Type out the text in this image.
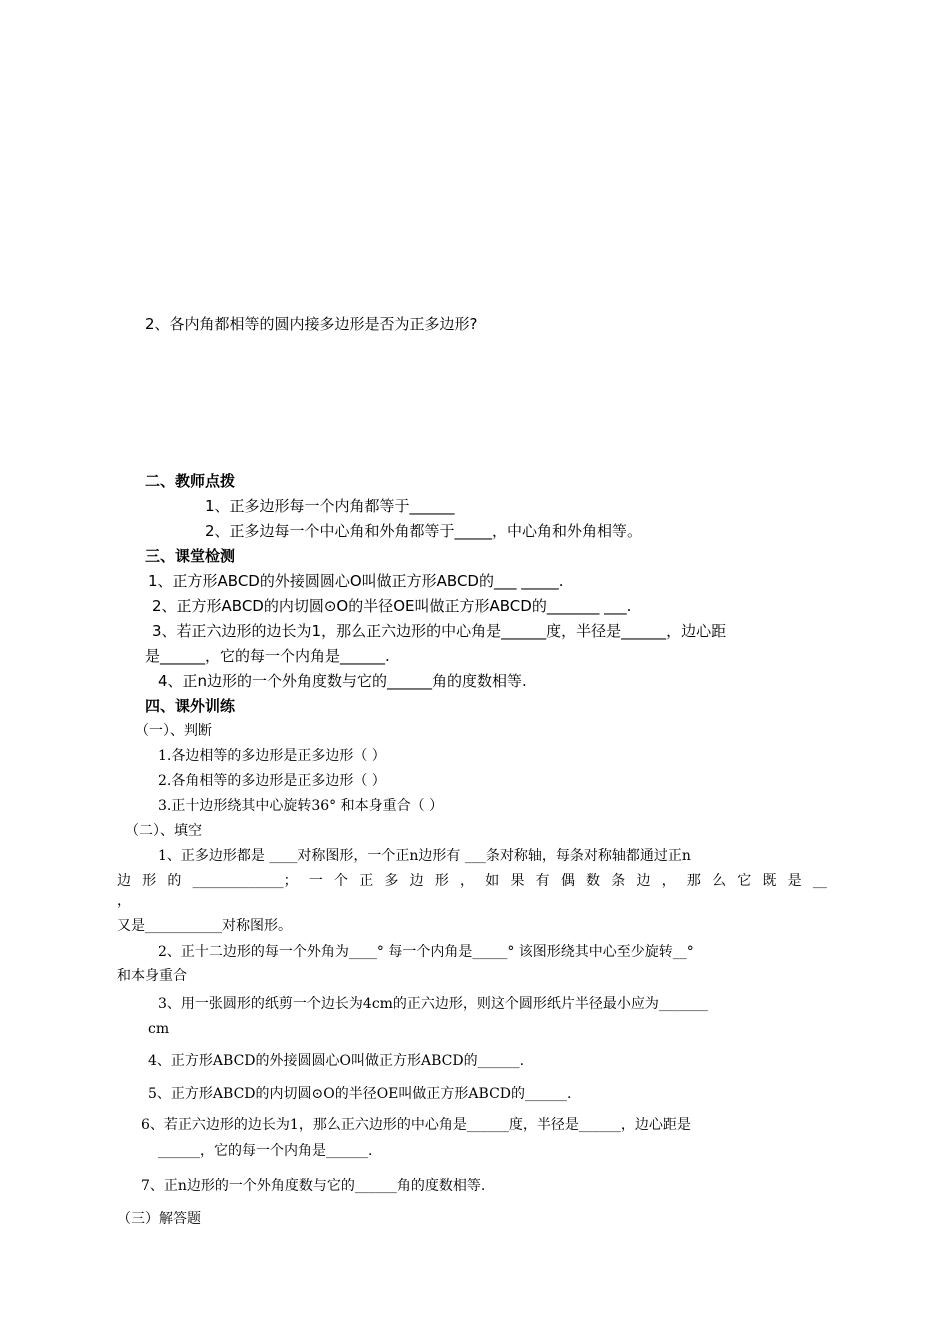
2、各内角都相等的圆内接多边形是否为正多边形?
二、教师点拨
1、正多边形每一个内角都等于______
2、正多边每一个中心角和外角都等于_____，中心角和外角相等。
三、课堂检测
1、正方形ABCD的外接圆圆心O叫做正方形ABCD的___ _____.
2、正方形ABCD的内切圆⊙O的半径OE叫做正方形ABCD的_______ ___.
3、若正六边形的边长为1，那么正六边形的中心角是______度，半径是______，边心距
是______，它的每一个内角是______.
4、正n边形的一个外角度数与它的______角的度数相等.
四、课外训练
（一）、判断
1.各边相等的多边形是正多边形（ ）
2.各角相等的多边形是正多边形（ ）
3.正十边形绕其中心旋转36° 和本身重合（ ）
（二）、填空
1、正多边形都是 ____对称图形，一个正n边形有 ___条对称轴，每条对称轴都通过正n
边 形 的 _____________； 一 个 正 多 边 形 ， 如 果 有 偶 数 条 边 ， 那 么 它 既 是 __
，
又是___________对称图形。
2、正十二边形的每一个外角为____° 每一个内角是_____° 该图形绕其中心至少旋转__°
和本身重合
3、用一张圆形的纸剪一个边长为4cm的正六边形，则这个圆形纸片半径最小应为_______
cm
4、正方形ABCD的外接圆圆心O叫做正方形ABCD的______.
5、正方形ABCD的内切圆⊙O的半径OE叫做正方形ABCD的______.
6、若正六边形的边长为1，那么正六边形的中心角是______度，半径是______，边心距是
______，它的每一个内角是______.
7、正n边形的一个外角度数与它的______角的度数相等.
（三）解答题
